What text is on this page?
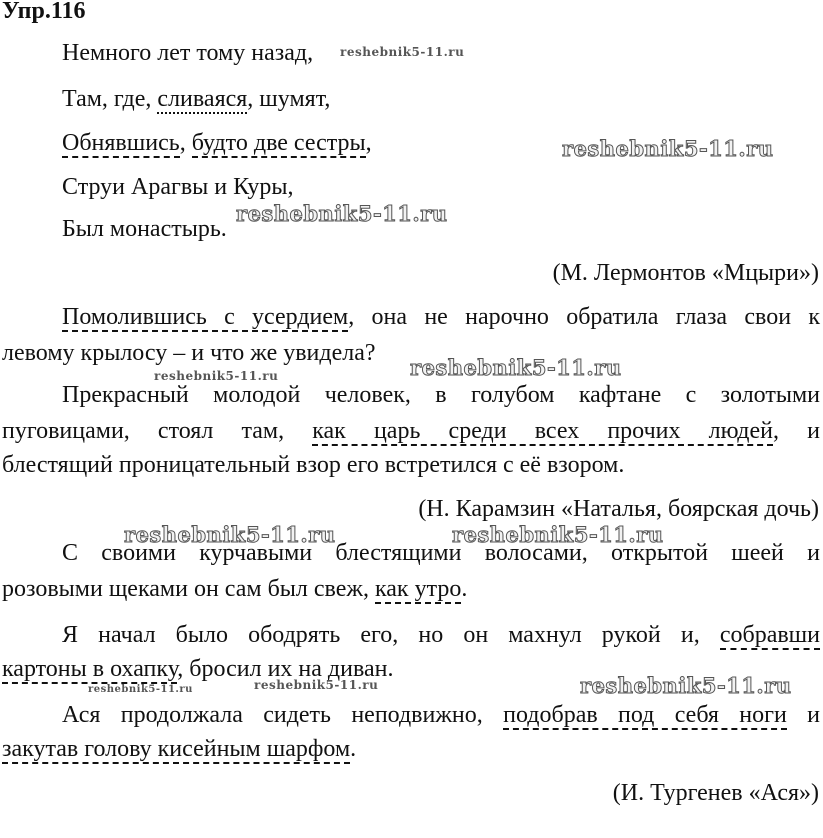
Упр.116
Немного лет тому назад,
Там, где, сливаяся, шумят,
Обнявшись, будто две сестры,
Струи Арагвы и Куры,
Был монастырь.
(М. Лермонтов «Мцыри»)
Помолившись с усердием, она не нарочно обратила глаза свои к
левому крылосу – и что же увидела?
Прекрасный молодой человек, в голубом кафтане с золотыми
пуговицами, стоял там, как царь среди всех прочих людей, и
блестящий проницательный взор его встретился с её взором.
(Н. Карамзин «Наталья, боярская дочь)
С своими курчавыми блестящими волосами, открытой шеей и
розовыми щеками он сам был свеж, как утро.
Я начал было ободрять его, но он махнул рукой и, собравши
картоны в охапку, бросил их на диван.
Ася продолжала сидеть неподвижно, подобрав под себя ноги и
закутав голову кисейным шарфом.
(И. Тургенев «Ася»)
reshebnik5-11.ru
reshebnik5-11.ru
reshebnik5-11.ru
reshebnik5-11.ru
reshebnik5-11.ru
reshebnik5-11.ru	reshebnik5-11.ru
reshebnik5-11.ru	reshebnik5-11.ru
reshebnik5-11.ru
